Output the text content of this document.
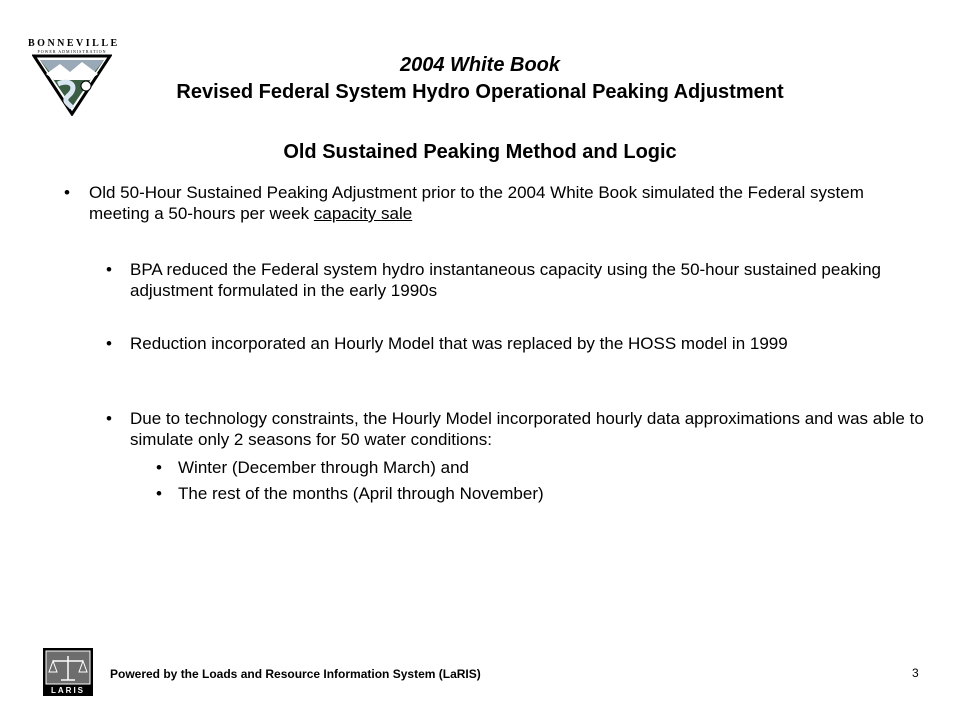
BONNEVILLE
POWER ADMINISTRATION
2004 White Book
Revised Federal System Hydro Operational Peaking Adjustment
Old Sustained Peaking Method and Logic
• Old 50-Hour Sustained Peaking Adjustment prior to the 2004 White Book simulated the Federal system meeting a 50-hours per week capacity sale
• BPA reduced the Federal system hydro instantaneous capacity using the 50-hour sustained peaking adjustment formulated in the early 1990s
• Reduction incorporated an Hourly Model that was replaced by the HOSS model in 1999
• Due to technology constraints, the Hourly Model incorporated hourly data approximations and was able to simulate only 2 seasons for 50 water conditions:
• Winter (December through March) and
• The rest of the months (April through November)
LARIS
Powered by the Loads and Resource Information System (LaRIS)	3
